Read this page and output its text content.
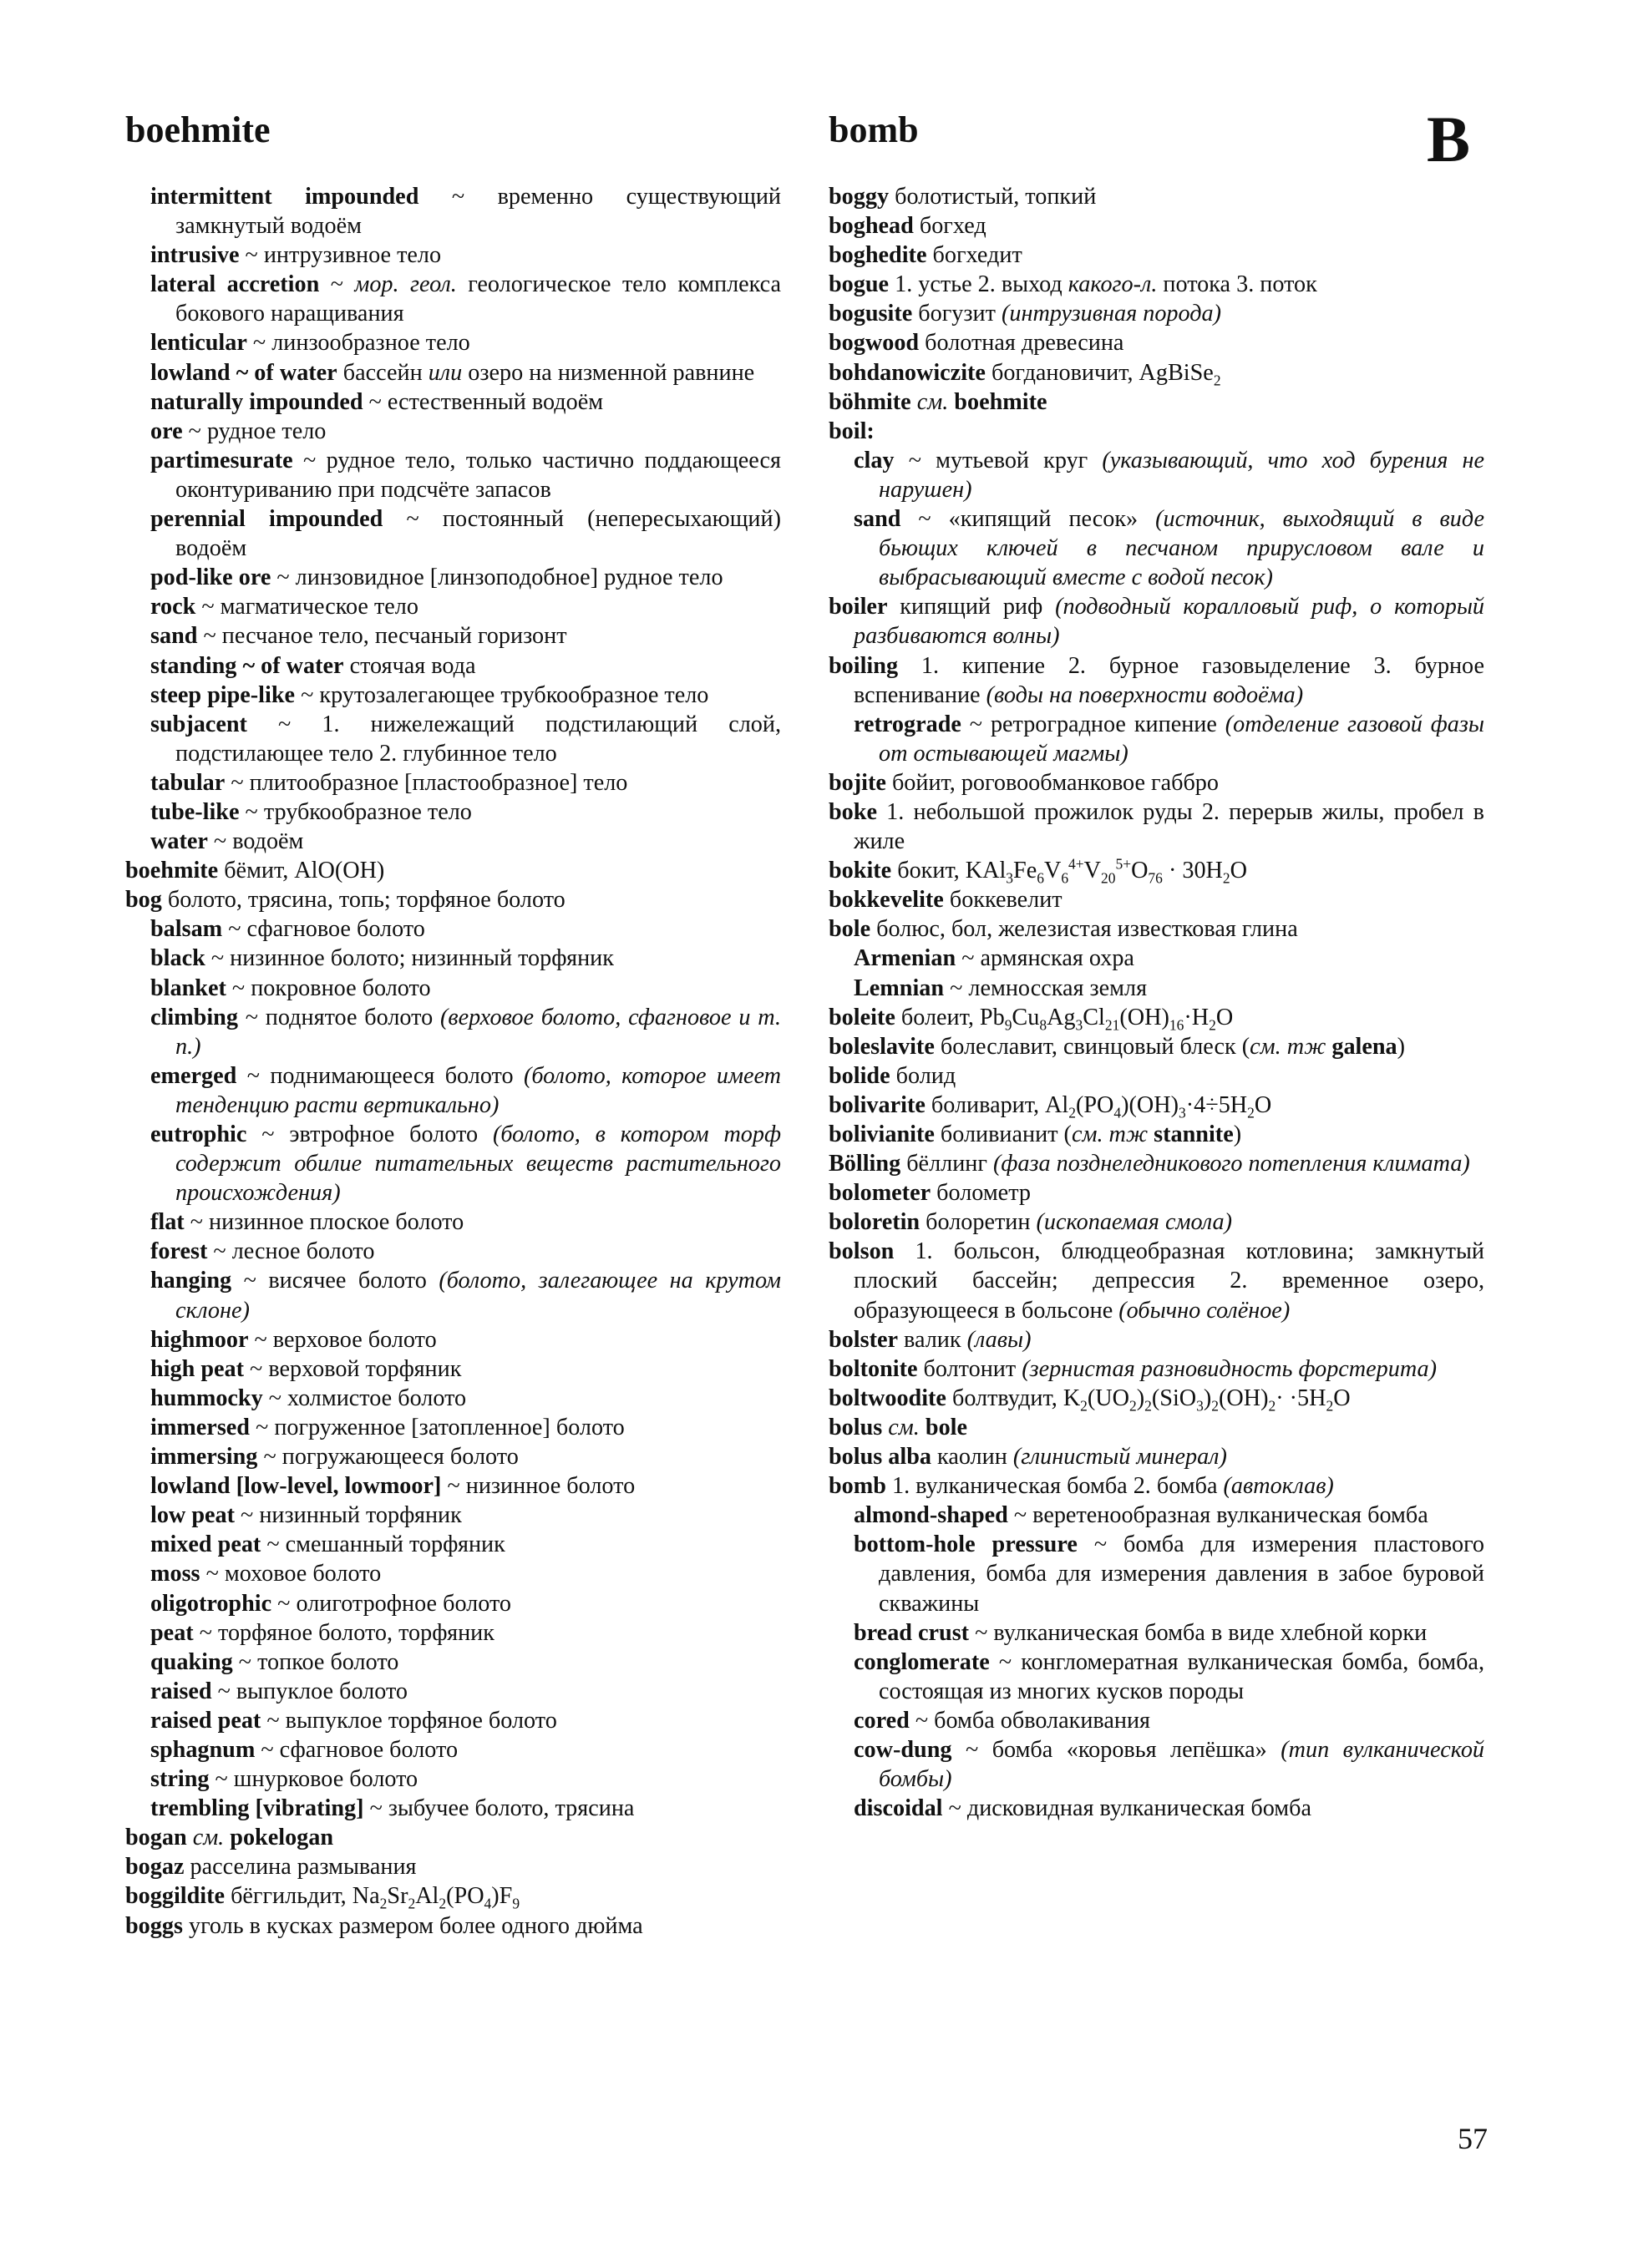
boehmite	bomb	B
intermittent impounded ~ временно существующий замкнутый водоём
intrusive ~ интрузивное тело
lateral accretion ~ мор. геол. геологическое тело комплекса бокового наращивания
lenticular ~ линзообразное тело
lowland ~ of water бассейн или озеро на низменной равнине
naturally impounded ~ естественный водоём
ore ~ рудное тело
partimesurate ~ рудное тело, только частично поддающееся оконтуриванию при подсчёте запасов
perennial impounded ~ постоянный (непересыхающий) водоём
pod-like ore ~ линзовидное [линзоподобное] рудное тело
rock ~ магматическое тело
sand ~ песчаное тело, песчаный горизонт
standing ~ of water стоячая вода
steep pipe-like ~ крутозалегающее трубкообразное тело
subjacent ~ 1. нижележащий подстилающий слой, подстилающее тело 2. глубинное тело
tabular ~ плитообразное [пластообразное] тело
tube-like ~ трубкообразное тело
water ~ водоём
boehmite бёмит, AlO(OH)
bog болото, трясина, топь; торфяное болото
balsam ~ сфагновое болото
black ~ низинное болото; низинный торфяник
blanket ~ покровное болото
climbing ~ поднятое болото (верховое болото, сфагновое и т. п.)
emerged ~ поднимающееся болото (болото, которое имеет тенденцию расти вертикально)
eutrophic ~ эвтрофное болото (болото, в котором торф содержит обилие питательных веществ растительного происхождения)
flat ~ низинное плоское болото
forest ~ лесное болото
hanging ~ висячее болото (болото, залегающее на крутом склоне)
highmoor ~ верховое болото
high peat ~ верховой торфяник
hummocky ~ холмистое болото
immersed ~ погруженное [затопленное] болото
immersing ~ погружающееся болото
lowland [low-level, lowmoor] ~ низинное болото
low peat ~ низинный торфяник
mixed peat ~ смешанный торфяник
moss ~ моховое болото
oligotrophic ~ олиготрофное болото
peat ~ торфяное болото, торфяник
quaking ~ топкое болото
raised ~ выпуклое болото
raised peat ~ выпуклое торфяное болото
sphagnum ~ сфагновое болото
string ~ шнурковое болото
trembling [vibrating] ~ зыбучее болото, трясина
bogan см. pokelogan
bogaz расселина размывания
boggildite бёггильдит, $Na_2Sr_2Al_2(PO_4)F_9$
boggs уголь в кусках размером более одного дюйма
boggy болотистый, топкий
boghead богхед
boghedite богхедит
bogue 1. устье 2. выход какого-л. потока 3. поток
bogusite богузит (интрузивная порода)
bogwood болотная древесина
bohdanowiczite богдановичит, AgBiSe$_2$
böhmite см. boehmite
boil:
clay ~ мутьевой круг (указывающий, что ход бурения не нарушен)
sand ~ «кипящий песок» (источник, выходящий в виде бьющих ключей в песчаном прирусловом вале и выбрасывающий вместе с водой песок)
boiler кипящий риф (подводный коралловый риф, о который разбиваются волны)
boiling 1. кипение 2. бурное газовыделение 3. бурное вспенивание (воды на поверхности водоёма)
retrograde ~ ретроградное кипение (отделение газовой фазы от остывающей магмы)
bojite бойит, роговообманковое габбро
boke 1. небольшой прожилок руды 2. перерыв жилы, пробел в жиле
bokite бокит, $KAl_3Fe_6V_6^{4+}V_{20}^{5+}O_{76} \cdot 30H_2O$
bokkevelite боккевелит
bole болюс, бол, железистая известковая глина
Armenian ~ армянская охра
Lemnian ~ лемносская земля
boleite болеит, $Pb_9Cu_8Ag_3Cl_{21}(OH)_{16}\cdot H_2O$
boleslavite болеславит, свинцовый блеск (см. тж galena)
bolide болид
bolivarite боливарит, $Al_2(PO_4)(OH)_3\cdot 4\div 5H_2O$
bolivianite боливианит (см. тж stannite)
Bölling бёллинг (фаза позднеледникового потепления климата)
bolometer болометр
boloretin болоретин (ископаемая смола)
bolson 1. больсон, блюдцеобразная котловина; замкнутый плоский бассейн; депрессия 2. временное озеро, образующееся в больсоне (обычно солёное)
bolster валик (лавы)
boltonite болтонит (зернистая разновидность форстерита)
boltwoodite болтвудит, $K_2(UO_2)_2(SiO_3)_2(OH)_2\cdot \cdot 5H_2O$
bolus см. bole
bolus alba каолин (глинистый минерал)
bomb 1. вулканическая бомба 2. бомба (автоклав)
almond-shaped ~ веретенообразная вулканическая бомба
bottom-hole pressure ~ бомба для измерения пластового давления, бомба для измерения давления в забое буровой скважины
bread crust ~ вулканическая бомба в виде хлебной корки
conglomerate ~ конгломератная вулканическая бомба, бомба, состоящая из многих кусков породы
cored ~ бомба обволакивания
cow-dung ~ бомба «коровья лепёшка» (тип вулканической бомбы)
discoidal ~ дисковидная вулканическая бомба
57
